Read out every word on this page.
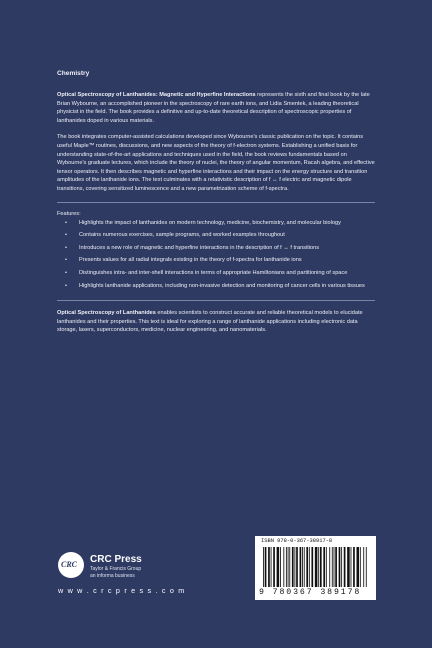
Chemistry

Optical Spectroscopy of Lanthanides: Magnetic and Hyperfine Interactions represents the sixth and final book by the late Brian Wybourne, an accomplished pioneer in the spectroscopy of rare earth ions, and Lidia Smentek, a leading theoretical physicist in the field. The book provides a definitive and up-to-date theoretical description of spectroscopic properties of lanthanides doped in various materials.

The book integrates computer-assisted calculations developed since Wybourne's classic publication on the topic. It contains useful Maple™ routines, discussions, and new aspects of the theory of f-electron systems. Establishing a unified basis for understanding state-of-the-art applications and techniques used in the field, the book reviews fundamentals based on Wybourne's graduate lectures, which include the theory of nuclei, the theory of angular momentum, Racah algebra, and effective tensor operators. It then describes magnetic and hyperfine interactions and their impact on the energy structure and transition amplitudes of the lanthanide ions. The text culminates with a relativistic description of f ↔ f electric and magnetic dipole transitions, covering sensitized luminescence and a new parametrization scheme of f-spectra.

Features:
• Highlights the impact of lanthanides on modern technology, medicine, biochemistry, and molecular biology
• Contains numerous exercises, sample programs, and worked examples throughout
• Introduces a new role of magnetic and hyperfine interactions in the description of f ↔ f transitions
• Presents values for all radial integrals existing in the theory of f-spectra for lanthanide ions
• Distinguishes intra- and inter-shell interactions in terms of appropriate Hamiltonians and partitioning of space
• Highlights lanthanide applications, including non-invasive detection and monitoring of cancer cells in various tissues

Optical Spectroscopy of Lanthanides enables scientists to construct accurate and reliable theoretical models to elucidate lanthanides and their properties. This text is ideal for exploring a range of lanthanide applications including electronic data storage, lasers, superconductors, medicine, nuclear engineering, and nanomaterials.

CRC CRC Press
Taylor & Francis Group
an informa business
w w w . c r c p r e s s . c o m
ISBN 978-0-367-38917-8
9 780367 389178
